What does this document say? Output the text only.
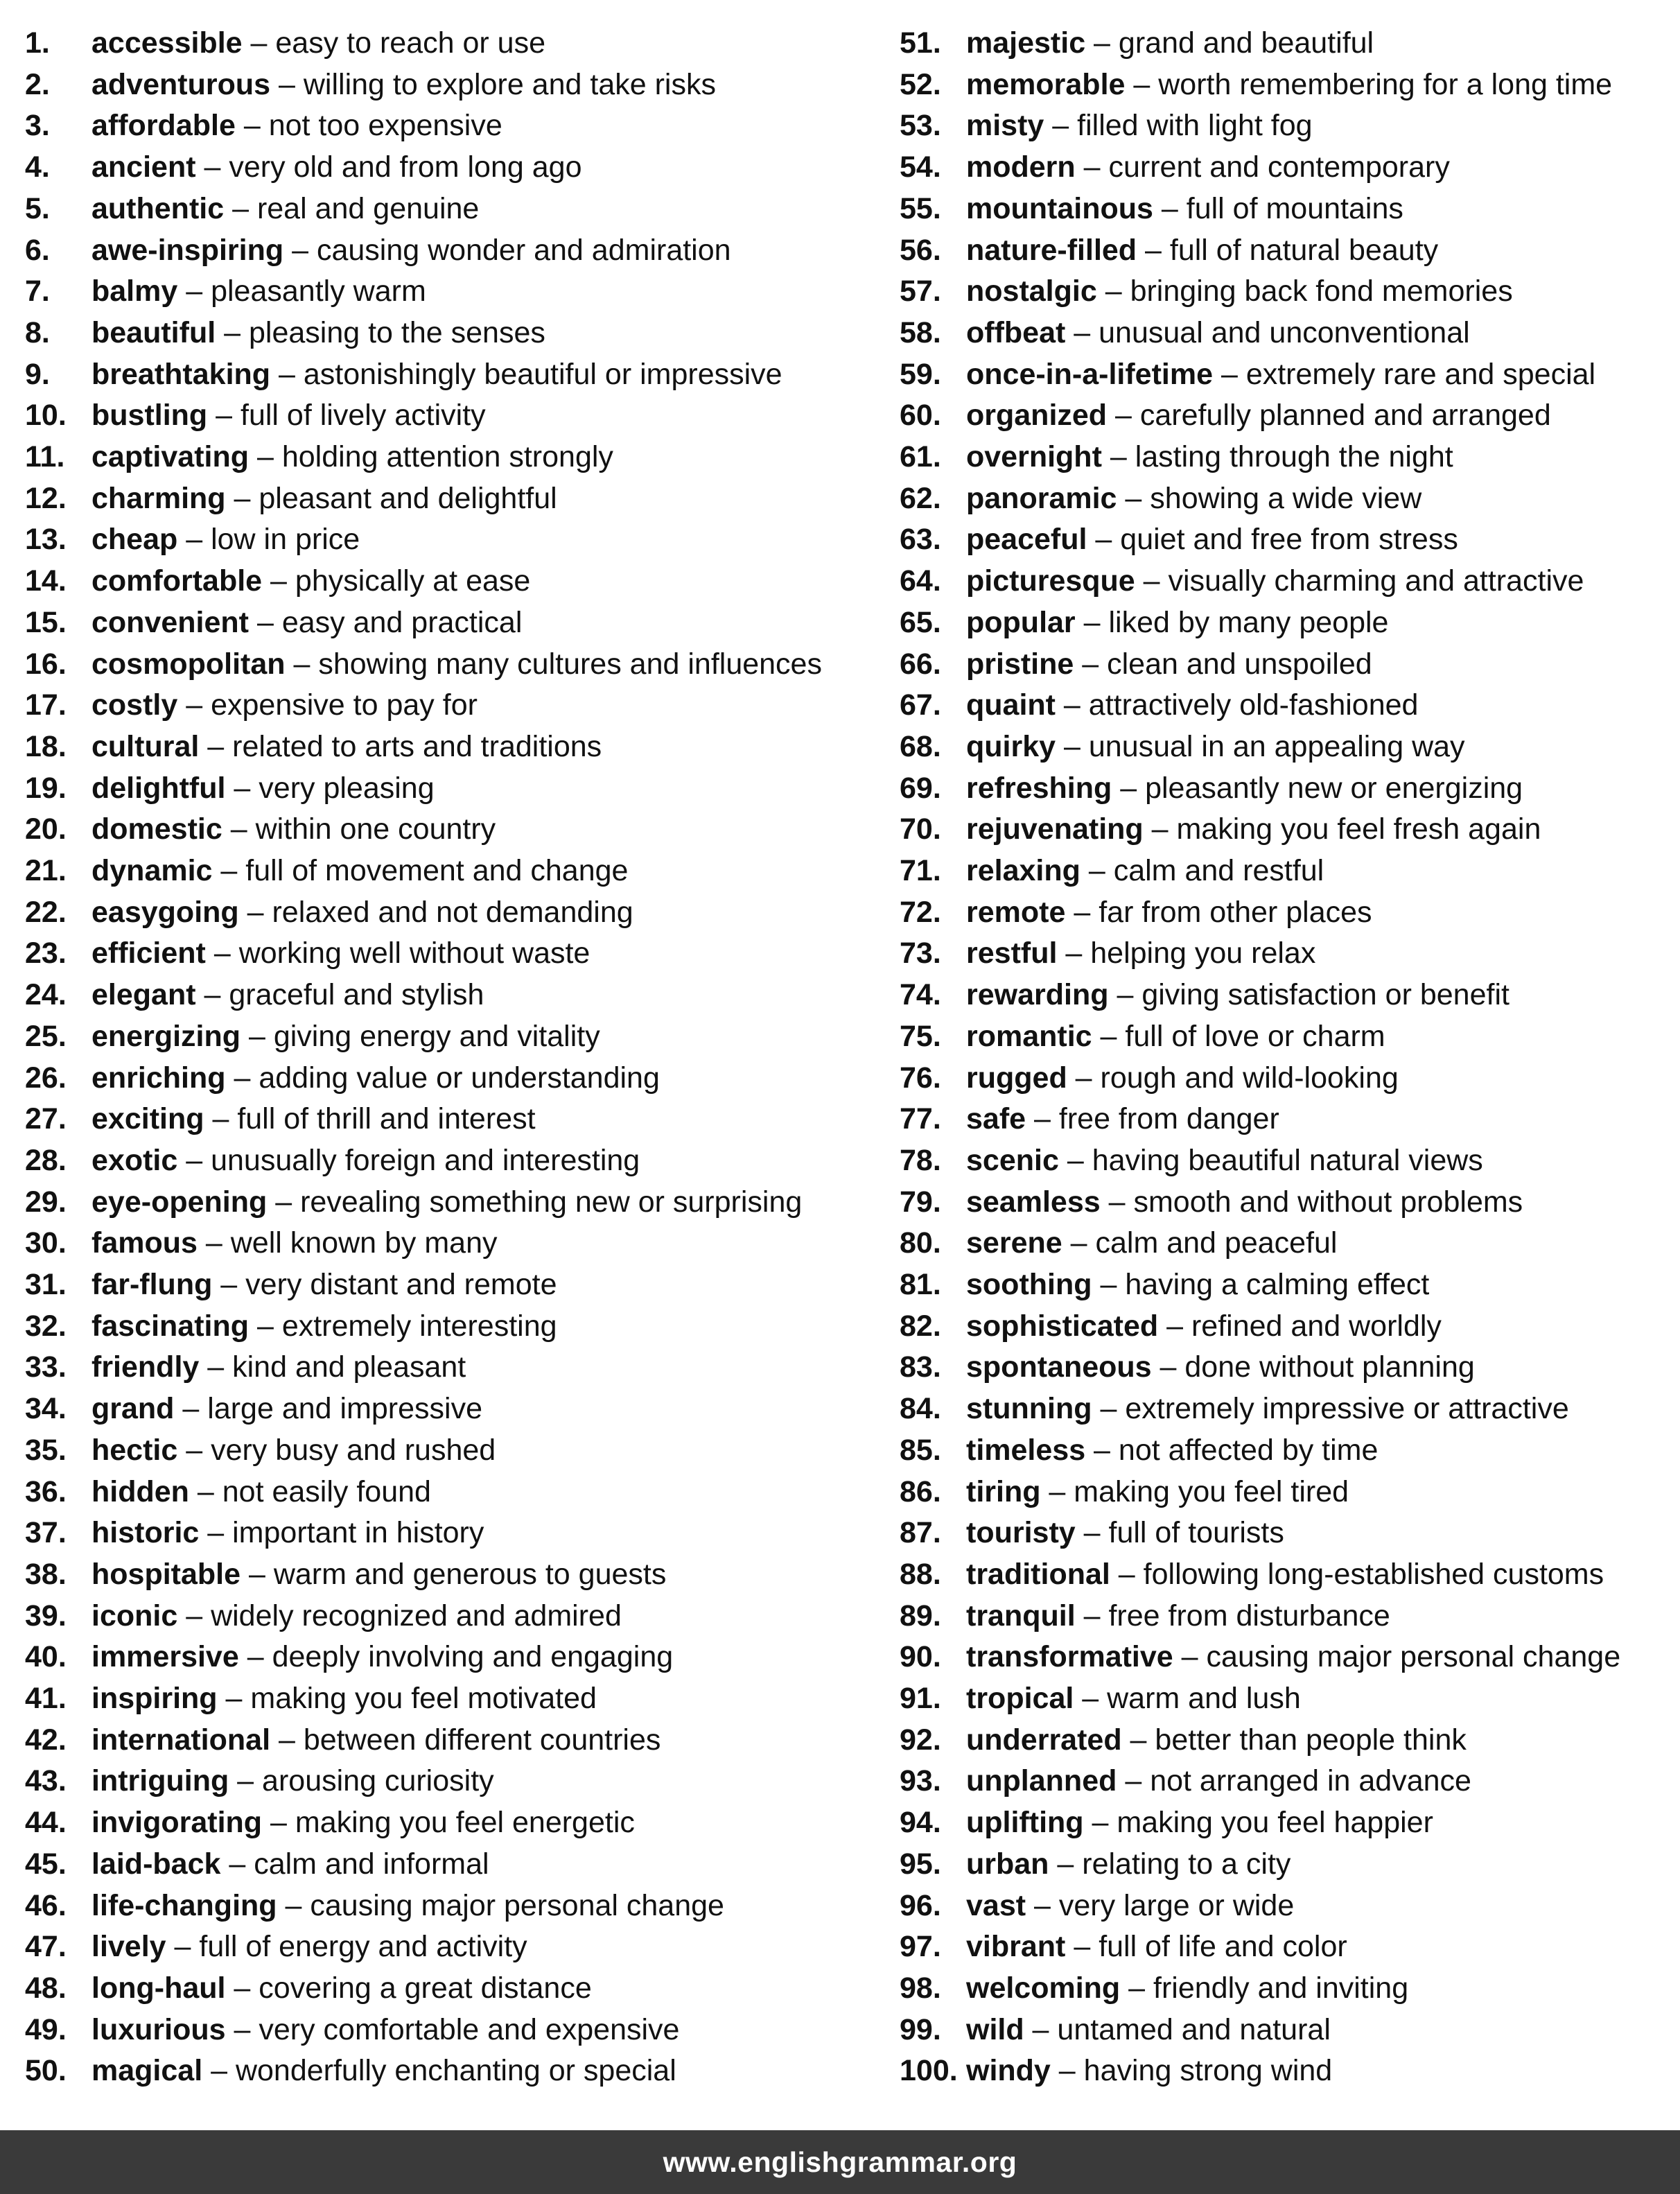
1. accessible – easy to reach or use
2. adventurous – willing to explore and take risks
3. affordable – not too expensive
4. ancient – very old and from long ago
5. authentic – real and genuine
6. awe-inspiring – causing wonder and admiration
7. balmy – pleasantly warm
8. beautiful – pleasing to the senses
9. breathtaking – astonishingly beautiful or impressive
10. bustling – full of lively activity
11. captivating – holding attention strongly
12. charming – pleasant and delightful
13. cheap – low in price
14. comfortable – physically at ease
15. convenient – easy and practical
16. cosmopolitan – showing many cultures and influences
17. costly – expensive to pay for
18. cultural – related to arts and traditions
19. delightful – very pleasing
20. domestic – within one country
21. dynamic – full of movement and change
22. easygoing – relaxed and not demanding
23. efficient – working well without waste
24. elegant – graceful and stylish
25. energizing – giving energy and vitality
26. enriching – adding value or understanding
27. exciting – full of thrill and interest
28. exotic – unusually foreign and interesting
29. eye-opening – revealing something new or surprising
30. famous – well known by many
31. far-flung – very distant and remote
32. fascinating – extremely interesting
33. friendly – kind and pleasant
34. grand – large and impressive
35. hectic – very busy and rushed
36. hidden – not easily found
37. historic – important in history
38. hospitable – warm and generous to guests
39. iconic – widely recognized and admired
40. immersive – deeply involving and engaging
41. inspiring – making you feel motivated
42. international – between different countries
43. intriguing – arousing curiosity
44. invigorating – making you feel energetic
45. laid-back – calm and informal
46. life-changing – causing major personal change
47. lively – full of energy and activity
48. long-haul – covering a great distance
49. luxurious – very comfortable and expensive
50. magical – wonderfully enchanting or special
51. majestic – grand and beautiful
52. memorable – worth remembering for a long time
53. misty – filled with light fog
54. modern – current and contemporary
55. mountainous – full of mountains
56. nature-filled – full of natural beauty
57. nostalgic – bringing back fond memories
58. offbeat – unusual and unconventional
59. once-in-a-lifetime – extremely rare and special
60. organized – carefully planned and arranged
61. overnight – lasting through the night
62. panoramic – showing a wide view
63. peaceful – quiet and free from stress
64. picturesque – visually charming and attractive
65. popular – liked by many people
66. pristine – clean and unspoiled
67. quaint – attractively old-fashioned
68. quirky – unusual in an appealing way
69. refreshing – pleasantly new or energizing
70. rejuvenating – making you feel fresh again
71. relaxing – calm and restful
72. remote – far from other places
73. restful – helping you relax
74. rewarding – giving satisfaction or benefit
75. romantic – full of love or charm
76. rugged – rough and wild-looking
77. safe – free from danger
78. scenic – having beautiful natural views
79. seamless – smooth and without problems
80. serene – calm and peaceful
81. soothing – having a calming effect
82. sophisticated – refined and worldly
83. spontaneous – done without planning
84. stunning – extremely impressive or attractive
85. timeless – not affected by time
86. tiring – making you feel tired
87. touristy – full of tourists
88. traditional – following long-established customs
89. tranquil – free from disturbance
90. transformative – causing major personal change
91. tropical – warm and lush
92. underrated – better than people think
93. unplanned – not arranged in advance
94. uplifting – making you feel happier
95. urban – relating to a city
96. vast – very large or wide
97. vibrant – full of life and color
98. welcoming – friendly and inviting
99. wild – untamed and natural
100. windy – having strong wind
www.englishgrammar.org
